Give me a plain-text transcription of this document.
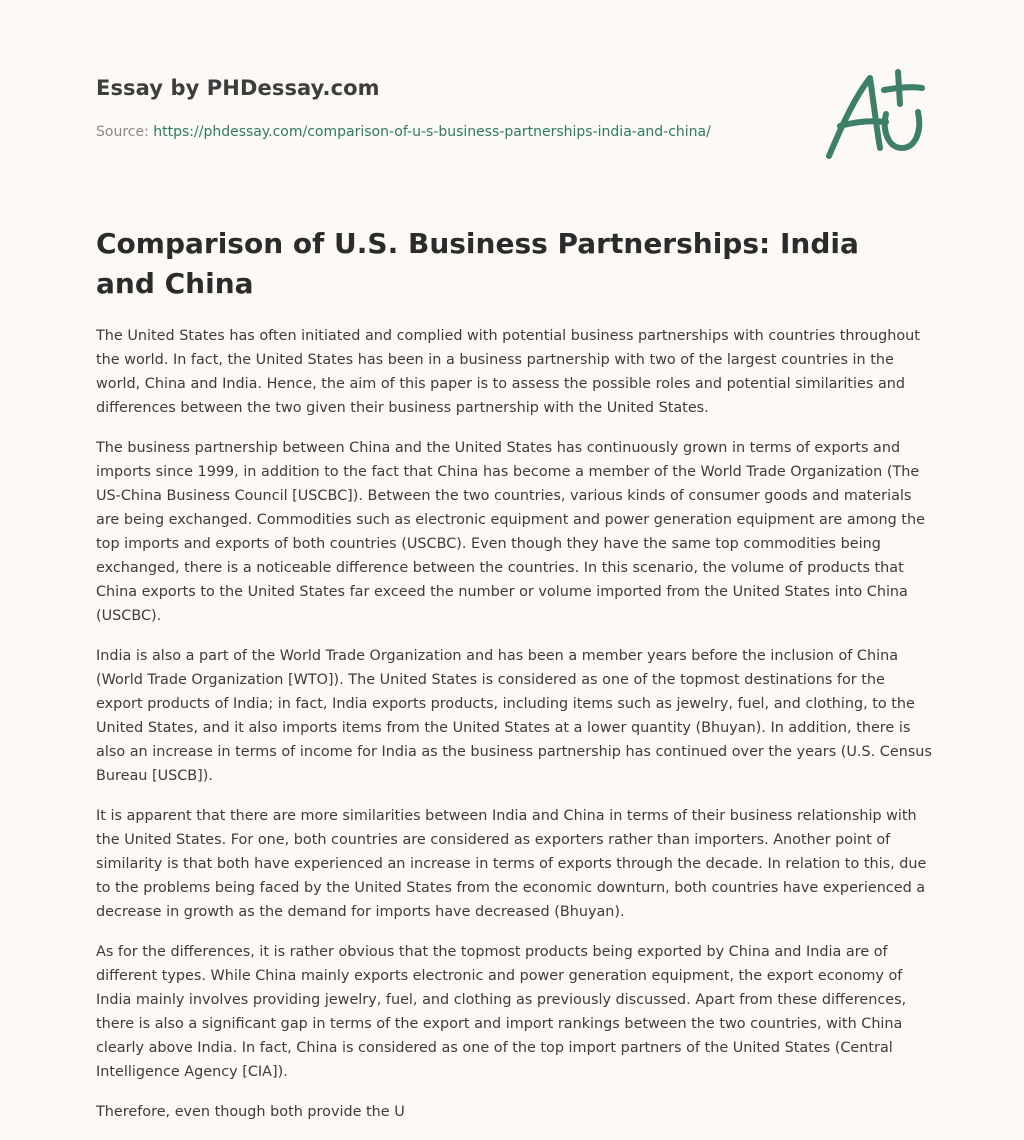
Essay by PHDessay.com
Source: https://phdessay.com/comparison-of-u-s-business-partnerships-india-and-china/
Comparison of U.S. Business Partnerships: India and China

The United States has often initiated and complied with potential business partnerships with countries throughout the world. In fact, the United States has been in a business partnership with two of the largest countries in the world, China and India. Hence, the aim of this paper is to assess the possible roles and potential similarities and differences between the two given their business partnership with the United States.

The business partnership between China and the United States has continuously grown in terms of exports and imports since 1999, in addition to the fact that China has become a member of the World Trade Organization (The US-China Business Council [USCBC]). Between the two countries, various kinds of consumer goods and materials are being exchanged. Commodities such as electronic equipment and power generation equipment are among the top imports and exports of both countries (USCBC). Even though they have the same top commodities being exchanged, there is a noticeable difference between the countries. In this scenario, the volume of products that China exports to the United States far exceed the number or volume imported from the United States into China (USCBC).

India is also a part of the World Trade Organization and has been a member years before the inclusion of China (World Trade Organization [WTO]). The United States is considered as one of the topmost destinations for the export products of India; in fact, India exports products, including items such as jewelry, fuel, and clothing, to the United States, and it also imports items from the United States at a lower quantity (Bhuyan). In addition, there is also an increase in terms of income for India as the business partnership has continued over the years (U.S. Census Bureau [USCB]).

It is apparent that there are more similarities between India and China in terms of their business relationship with the United States. For one, both countries are considered as exporters rather than importers. Another point of similarity is that both have experienced an increase in terms of exports through the decade. In relation to this, due to the problems being faced by the United States from the economic downturn, both countries have experienced a decrease in growth as the demand for imports have decreased (Bhuyan).

As for the differences, it is rather obvious that the topmost products being exported by China and India are of different types. While China mainly exports electronic and power generation equipment, the export economy of India mainly involves providing jewelry, fuel, and clothing as previously discussed. Apart from these differences, there is also a significant gap in terms of the export and import rankings between the two countries, with China clearly above India. In fact, China is considered as one of the top import partners of the United States (Central Intelligence Agency [CIA]).

Therefore, even though both provide the U
